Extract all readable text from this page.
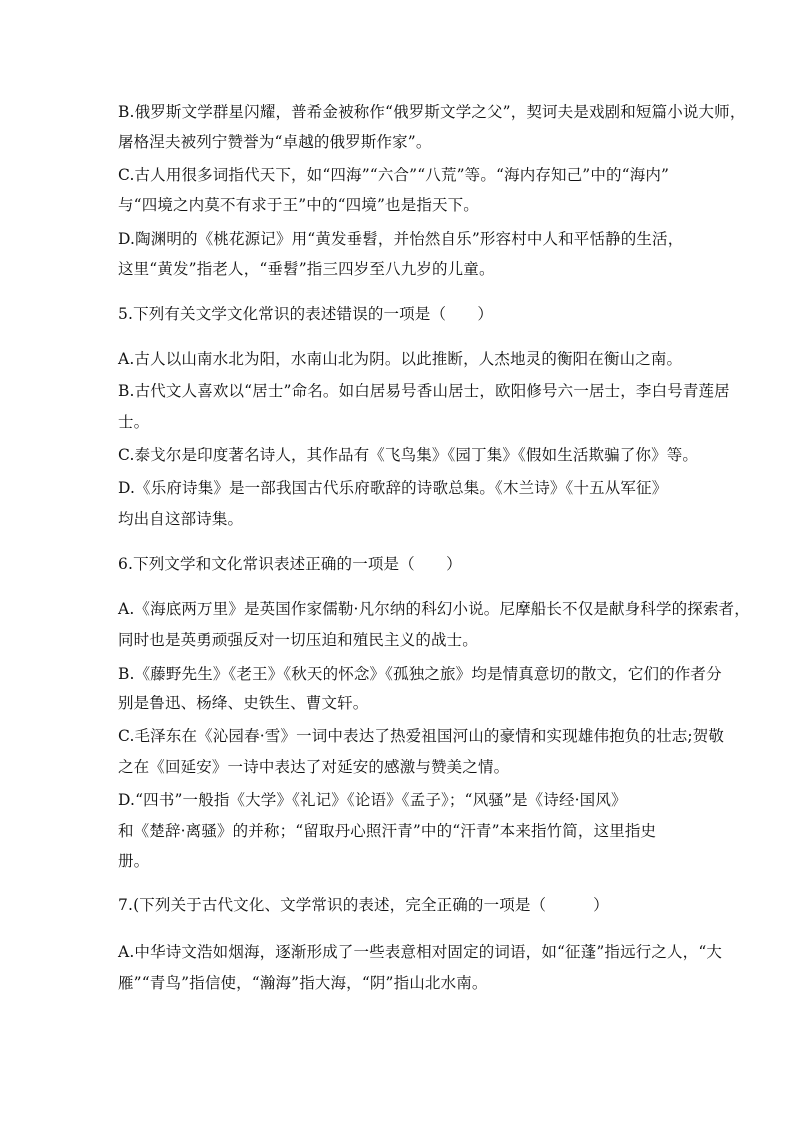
B.俄罗斯文学群星闪耀，普希金被称作“俄罗斯文学之父”，契诃夫是戏剧和短篇小说大师，
屠格涅夫被列宁赞誉为“卓越的俄罗斯作家”。
C.古人用很多词指代天下，如“四海”“六合”“八荒”等。“海内存知己”中的“海内”
与“四境之内莫不有求于王”中的“四境”也是指天下。
D.陶渊明的《桃花源记》用“黄发垂髫，并怡然自乐”形容村中人和平恬静的生活，
这里“黄发”指老人，“垂髫”指三四岁至八九岁的儿童。
5.下列有关文学文化常识的表述错误的一项是（　　）
A.古人以山南水北为阳，水南山北为阴。以此推断，人杰地灵的衡阳在衡山之南。
B.古代文人喜欢以“居士”命名。如白居易号香山居士，欧阳修号六一居士，李白号青莲居
士。
C.泰戈尔是印度著名诗人，其作品有《飞鸟集》《园丁集》《假如生活欺骗了你》等。
D.《乐府诗集》是一部我国古代乐府歌辞的诗歌总集。《木兰诗》《十五从军征》
均出自这部诗集。
6.下列文学和文化常识表述正确的一项是（　　）
A.《海底两万里》是英国作家儒勒·凡尔纳的科幻小说。尼摩船长不仅是献身科学的探索者，
同时也是英勇顽强反对一切压迫和殖民主义的战士。
B.《藤野先生》《老王》《秋天的怀念》《孤独之旅》均是情真意切的散文，它们的作者分
别是鲁迅、杨绛、史铁生、曹文轩。
C.毛泽东在《沁园春·雪》一词中表达了热爱祖国河山的豪情和实现雄伟抱负的壮志;贺敬
之在《回延安》一诗中表达了对延安的感激与赞美之情。
D.“四书”一般指《大学》《礼记》《论语》《孟子》；“风骚”是《诗经·国风》
和《楚辞·离骚》的并称；“留取丹心照汗青”中的“汗青”本来指竹简，这里指史
册。
7.(下列关于古代文化、文学常识的表述，完全正确的一项是（　　　）
A.中华诗文浩如烟海，逐渐形成了一些表意相对固定的词语，如“征蓬”指远行之人，“大
雁”“青鸟”指信使，“瀚海”指大海，“阴”指山北水南。
